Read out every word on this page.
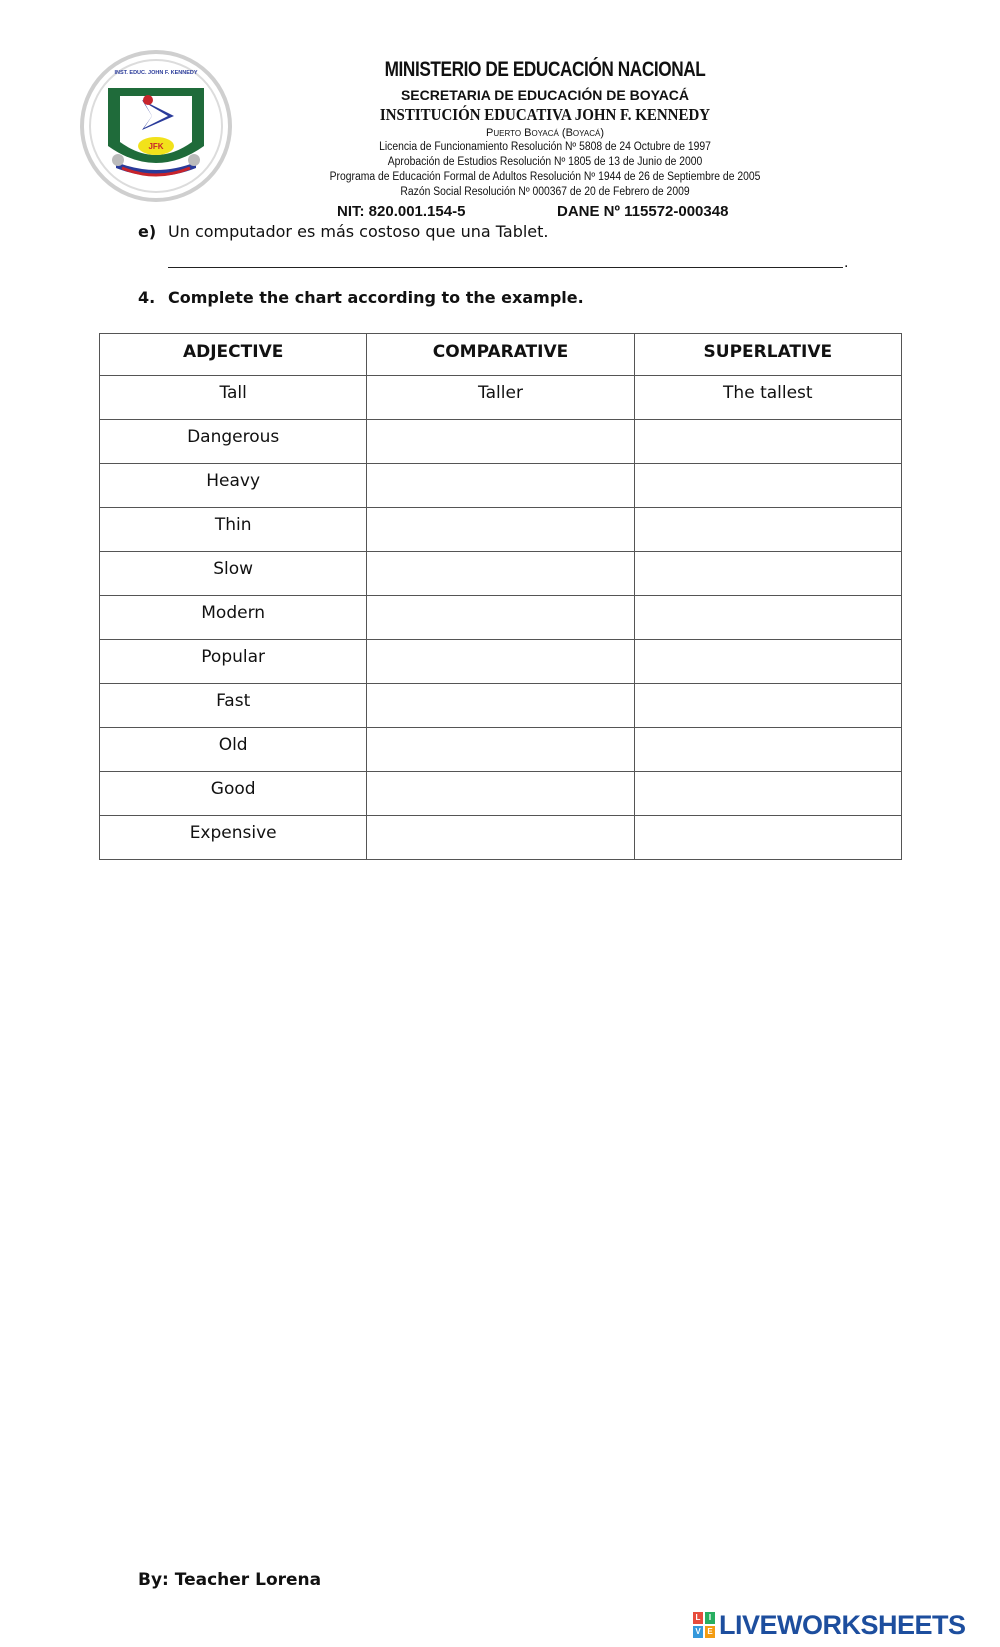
INST. EDUC. JOHN F. KENNEDY
JFK
MINISTERIO DE EDUCACIÓN NACIONAL
SECRETARIA DE EDUCACIÓN DE BOYACÁ
INSTITUCIÓN EDUCATIVA JOHN F. KENNEDY
Puerto Boyacá (Boyacá)
Licencia de Funcionamiento Resolución Nº 5808 de 24 Octubre de 1997
Aprobación de Estudios Resolución Nº 1805 de 13 de Junio de 2000
Programa de Educación Formal de Adultos Resolución Nº 1944 de 26 de Septiembre de 2005
Razón Social Resolución Nº 000367 de 20 de Febrero de 2009
NIT: 820.001.154-5	DANE Nº 115572-000348
e) Un computador es más costoso que una Tablet.
.
4. Complete the chart according to the example.
ADJECTIVE	COMPARATIVE	SUPERLATIVE
Tall	Taller	The tallest
Dangerous		
Heavy		
Thin		
Slow		
Modern		
Popular		
Fast		
Old		
Good		
Expensive		
By: Teacher Lorena
L	I
V E LIVEWORKSHEETS
